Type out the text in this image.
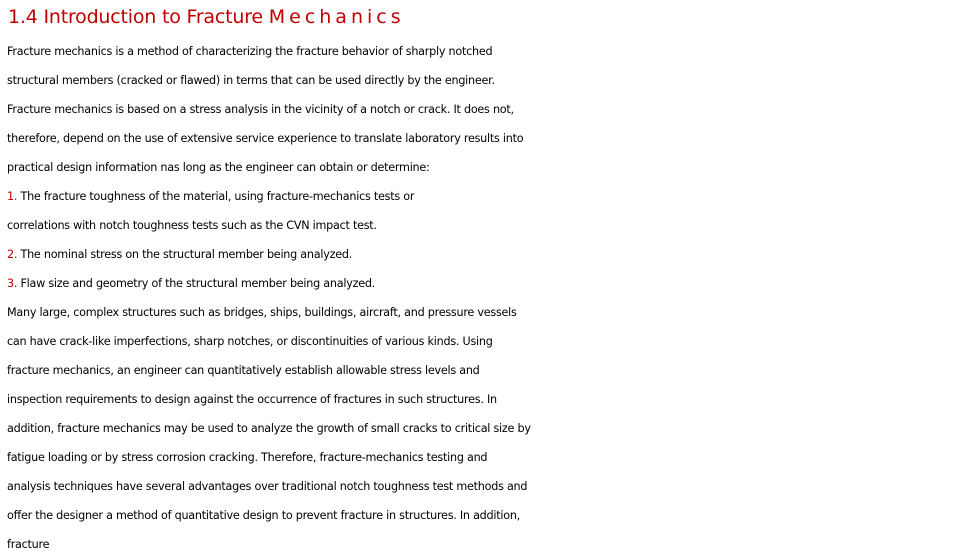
1.4 Introduction to Fracture Mechanics
Fracture mechanics is a method of characterizing the fracture behavior of sharply notched
structural members (cracked or flawed) in terms that can be used directly by the engineer.
Fracture mechanics is based on a stress analysis in the vicinity of a notch or crack. It does not,
therefore, depend on the use of extensive service experience to translate laboratory results into
practical design information nas long as the engineer can obtain or determine:
1. The fracture toughness of the material, using fracture-mechanics tests or
correlations with notch toughness tests such as the CVN impact test.
2. The nominal stress on the structural member being analyzed.
3. Flaw size and geometry of the structural member being analyzed.
Many large, complex structures such as bridges, ships, buildings, aircraft, and pressure vessels
can have crack-like imperfections, sharp notches, or discontinuities of various kinds. Using
fracture mechanics, an engineer can quantitatively establish allowable stress levels and
inspection requirements to design against the occurrence of fractures in such structures. In
addition, fracture mechanics may be used to analyze the growth of small cracks to critical size by
fatigue loading or by stress corrosion cracking. Therefore, fracture-mechanics testing and
analysis techniques have several advantages over traditional notch toughness test methods and
offer the designer a method of quantitative design to prevent fracture in structures. In addition,
fracture
